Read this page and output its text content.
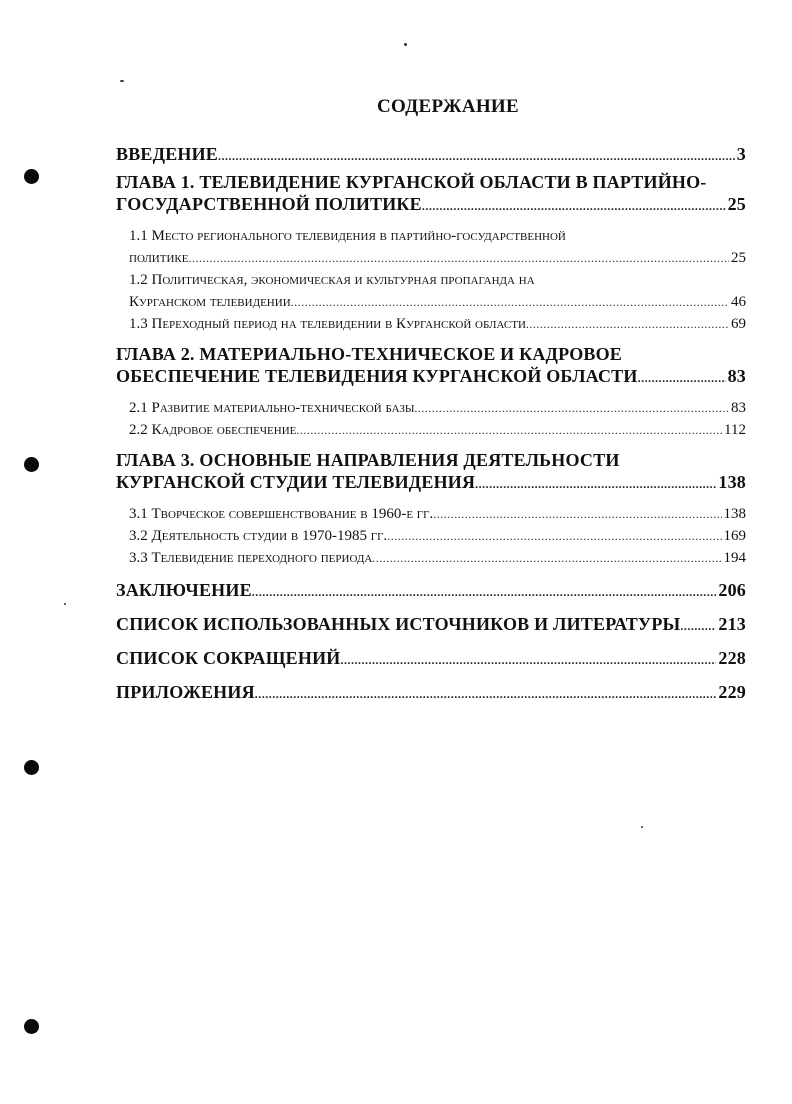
СОДЕРЖАНИЕ
ВВЕДЕНИЕ .....	3
ГЛАВА 1. ТЕЛЕВИДЕНИЕ КУРГАНСКОЙ ОБЛАСТИ В ПАРТИЙНО-
ГОСУДАРСТВЕННОЙ ПОЛИТИКЕ .....	25
1.1 Место регионального телевидения в партийно-государственной
политике .....	25
1.2 Политическая, экономическая и культурная пропаганда на
Курганском телевидении .....	46
1.3 Переходный период на телевидении в Курганской области .....	69
ГЛАВА 2. МАТЕРИАЛЬНО-ТЕХНИЧЕСКОЕ И КАДРОВОЕ
ОБЕСПЕЧЕНИЕ ТЕЛЕВИДЕНИЯ КУРГАНСКОЙ ОБЛАСТИ .....	83
2.1 Развитие материально-технической базы .....	83
2.2 Кадровое обеспечение .....	112
ГЛАВА 3. ОСНОВНЫЕ НАПРАВЛЕНИЯ ДЕЯТЕЛЬНОСТИ
КУРГАНСКОЙ СТУДИИ ТЕЛЕВИДЕНИЯ .....	138
3.1 Творческое совершенствование в 1960-е гг. .....	138
3.2 Деятельность студии в 1970-1985 гг. .....	169
3.3 Телевидение переходного периода .....	194
ЗАКЛЮЧЕНИЕ .....	206
СПИСОК ИСПОЛЬЗОВАННЫХ ИСТОЧНИКОВ И ЛИТЕРАТУРЫ ..... 213
СПИСОК СОКРАЩЕНИЙ .....	228
ПРИЛОЖЕНИЯ .....	229
